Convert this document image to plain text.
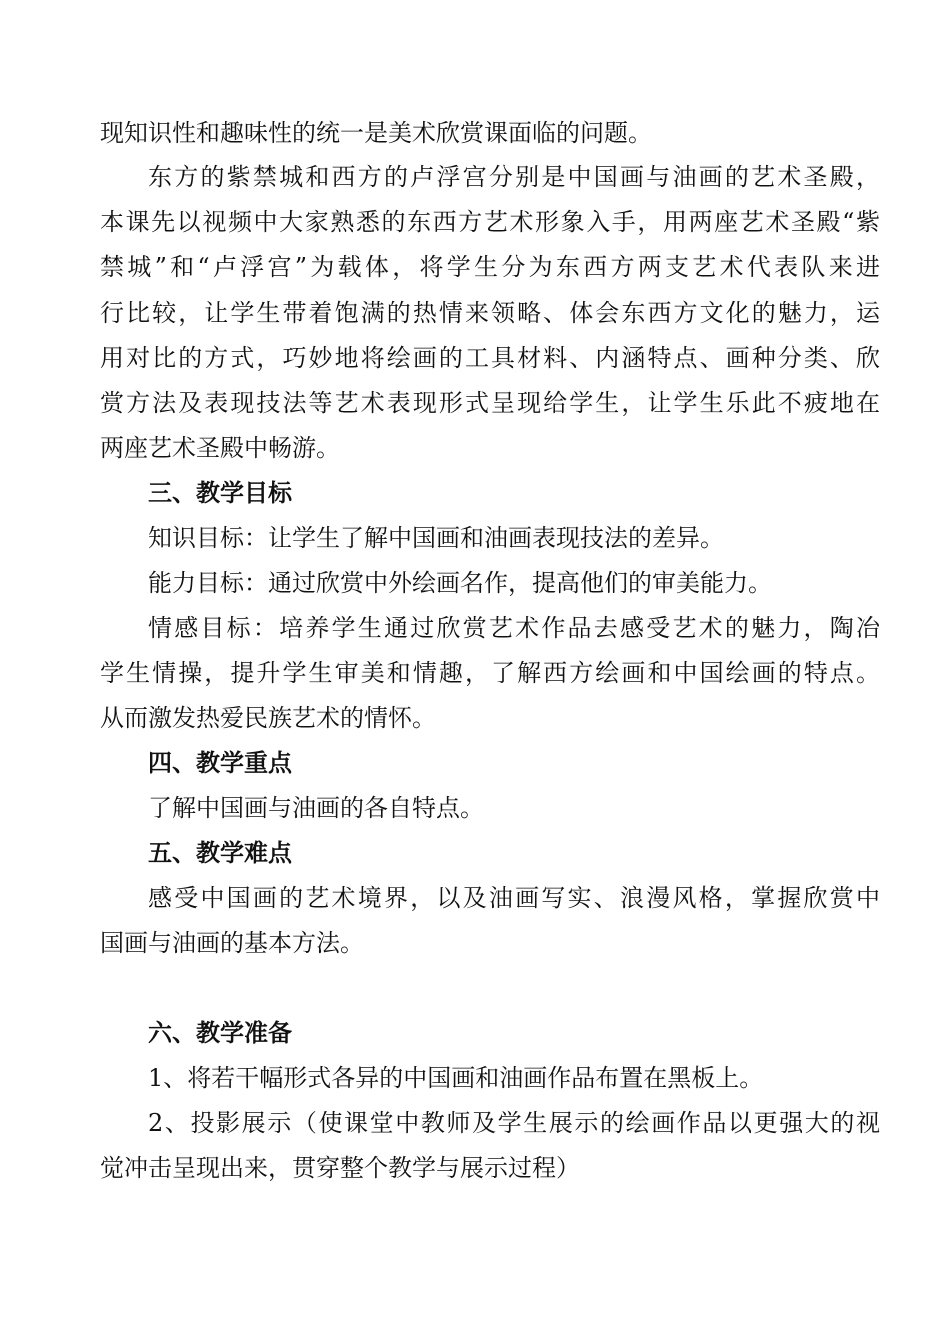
现知识性和趣味性的统一是美术欣赏课面临的问题。
东方的紫禁城和西方的卢浮宫分别是中国画与油画的艺术圣殿，
本课先以视频中大家熟悉的东西方艺术形象入手，用两座艺术圣殿“紫
禁城”和“卢浮宫”为载体，将学生分为东西方两支艺术代表队来进
行比较，让学生带着饱满的热情来领略、体会东西方文化的魅力，运
用对比的方式，巧妙地将绘画的工具材料、内涵特点、画种分类、欣
赏方法及表现技法等艺术表现形式呈现给学生，让学生乐此不疲地在
两座艺术圣殿中畅游。
三、教学目标
知识目标：让学生了解中国画和油画表现技法的差异。
能力目标：通过欣赏中外绘画名作，提高他们的审美能力。
情感目标：培养学生通过欣赏艺术作品去感受艺术的魅力，陶冶
学生情操，提升学生审美和情趣，了解西方绘画和中国绘画的特点。
从而激发热爱民族艺术的情怀。
四、教学重点
了解中国画与油画的各自特点。
五、教学难点
感受中国画的艺术境界，以及油画写实、浪漫风格，掌握欣赏中
国画与油画的基本方法。
六、教学准备
1、将若干幅形式各异的中国画和油画作品布置在黑板上。
2、投影展示（使课堂中教师及学生展示的绘画作品以更强大的视
觉冲击呈现出来，贯穿整个教学与展示过程）
